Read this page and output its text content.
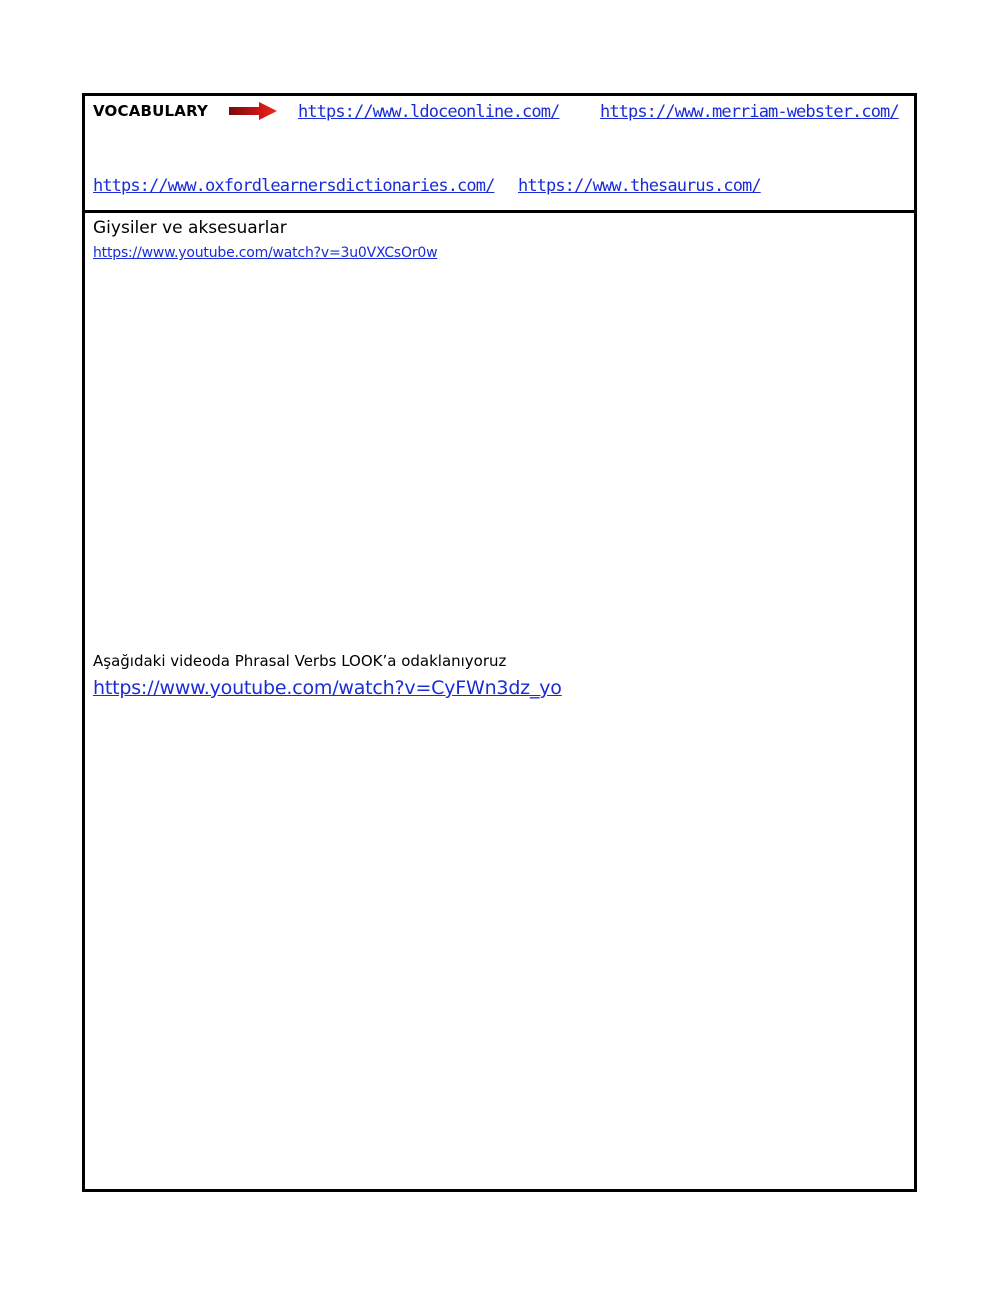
VOCABULARY	https://www.ldoceonline.com/ https://www.merriam-webster.com/
https://www.oxfordlearnersdictionaries.com/ https://www.thesaurus.com/
Giysiler ve aksesuarlar
https://www.youtube.com/watch?v=3u0VXCsOr0w
Aşağıdaki videoda Phrasal Verbs LOOK’a odaklanıyoruz
https://www.youtube.com/watch?v=CyFWn3dz_yo
